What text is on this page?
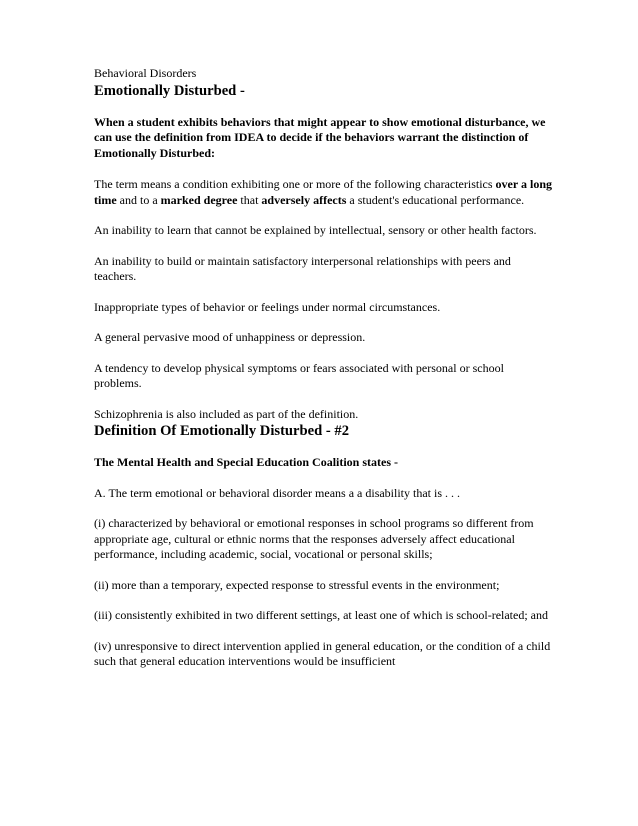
Behavioral Disorders

Emotionally Disturbed -

When a student exhibits behaviors that might appear to show emotional disturbance, we can use the definition from IDEA to decide if the behaviors warrant the distinction of Emotionally Disturbed:

The term means a condition exhibiting one or more of the following characteristics over a long time and to a marked degree that adversely affects a student's educational performance.

An inability to learn that cannot be explained by intellectual, sensory or other health factors.

An inability to build or maintain satisfactory interpersonal relationships with peers and teachers.

Inappropriate types of behavior or feelings under normal circumstances.

A general pervasive mood of unhappiness or depression.

A tendency to develop physical symptoms or fears associated with personal or school problems.

Schizophrenia is also included as part of the definition.

Definition Of Emotionally Disturbed - #2

The Mental Health and Special Education Coalition states -

A. The term emotional or behavioral disorder means a a disability that is . . .

(i) characterized by behavioral or emotional responses in school programs so different from appropriate age, cultural or ethnic norms that the responses adversely affect educational performance, including academic, social, vocational or personal skills;

(ii) more than a temporary, expected response to stressful events in the environment;

(iii) consistently exhibited in two different settings, at least one of which is school-related; and

(iv) unresponsive to direct intervention applied in general education, or the condition of a child such that general education interventions would be insufficient
